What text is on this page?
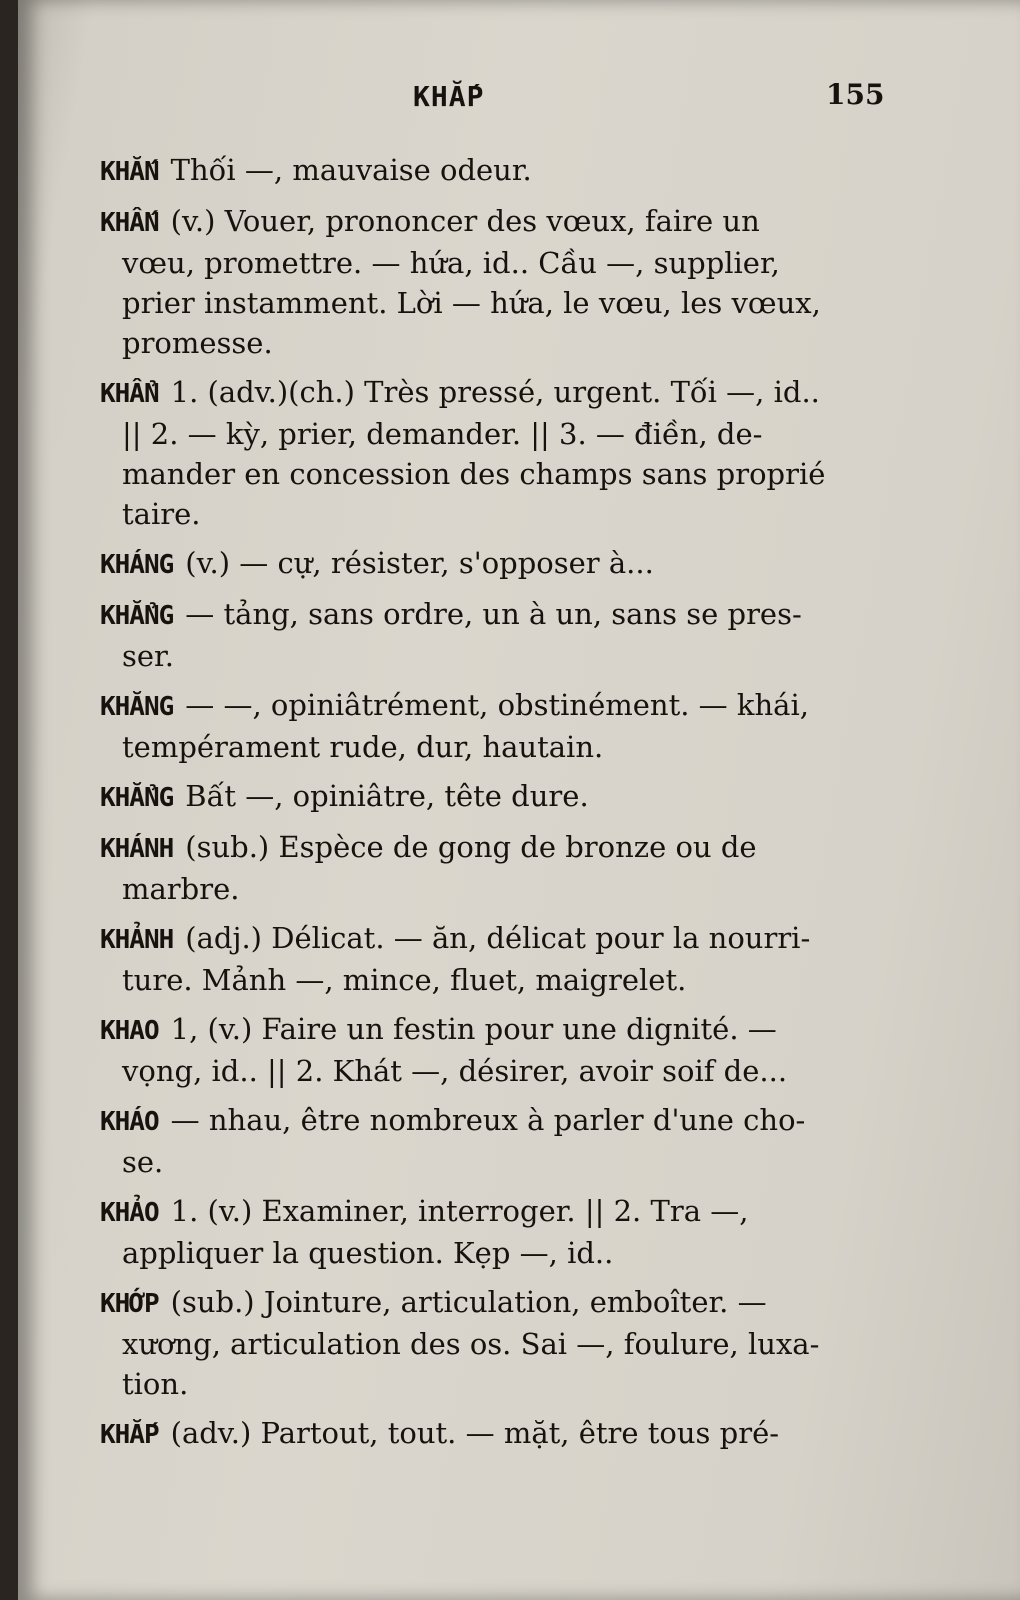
KHẮP	155
KHẮN Thối —, mauvaise odeur.
KHẤN (v.) Vouer, prononcer des vœux, faire un
vœu, promettre. — hứa, id.. Cầu —, supplier,
prier instamment. Lời — hứa, le vœu, les vœux,
promesse.
KHẨN 1. (adv.)(ch.) Très pressé, urgent. Tối —, id..
|| 2. — kỳ, prier, demander. || 3. — điền, de-
mander en concession des champs sans proprié
taire.
KHÁNG (v.) — cự, résister, s'opposer à...
KHẲNG — tảng, sans ordre, un à un, sans se pres-
ser.
KHĂNG — —, opiniâtrément, obstinément. — khái,
tempérament rude, dur, hautain.
KHẲNG Bất —, opiniâtre, tête dure.
KHÁNH (sub.) Espèce de gong de bronze ou de
marbre.
KHẢNH (adj.) Délicat. — ăn, délicat pour la nourri-
ture. Mảnh —, mince, fluet, maigrelet.
KHAO 1, (v.) Faire un festin pour une dignité. —
vọng, id.. || 2. Khát —, désirer, avoir soif de...
KHÁO — nhau, être nombreux à parler d'une cho-
se.
KHẢO 1. (v.) Examiner, interroger. || 2. Tra —,
appliquer la question. Kẹp —, id..
KHỚP (sub.) Jointure, articulation, emboîter. —
xương, articulation des os. Sai —, foulure, luxa-
tion.
KHẮP (adv.) Partout, tout. — mặt, être tous pré-
